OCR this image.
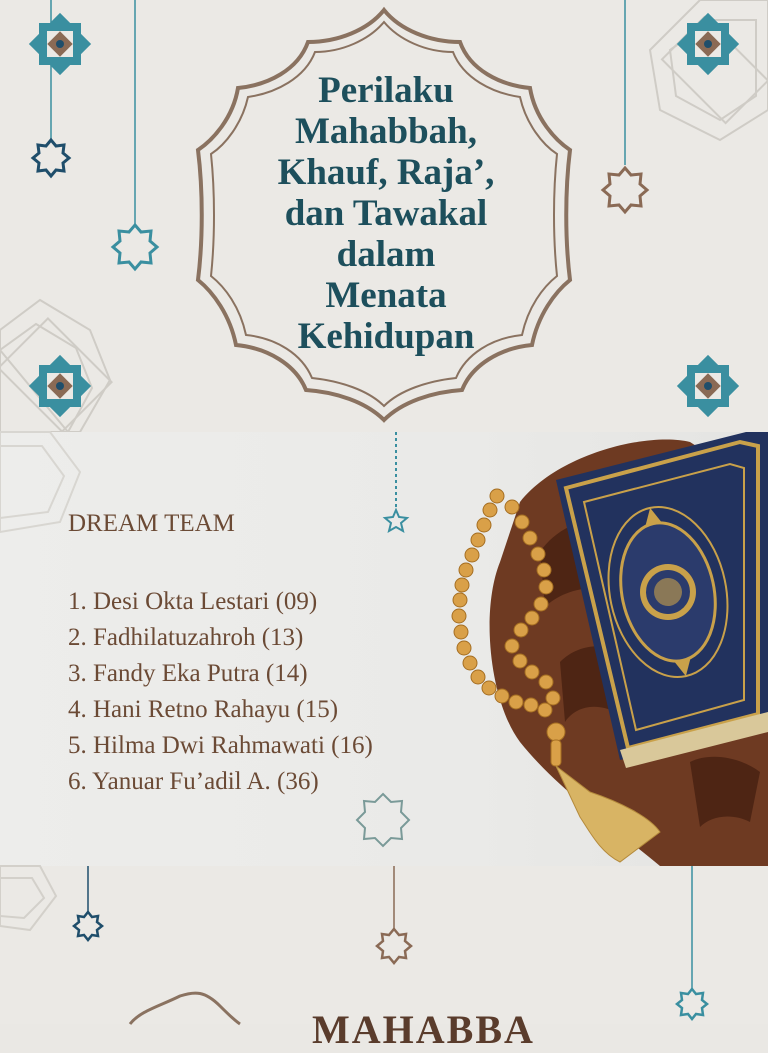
Perilaku
Mahabbah,
Khauf, Raja’,
dan Tawakal
dalam
Menata
Kehidupan
DREAM TEAM
1. Desi Okta Lestari (09)
2. Fadhilatuzahroh (13)
3. Fandy Eka Putra (14)
4. Hani Retno Rahayu (15)
5. Hilma Dwi Rahmawati (16)
6. Yanuar Fu’adil A. (36)
MAHABBA
